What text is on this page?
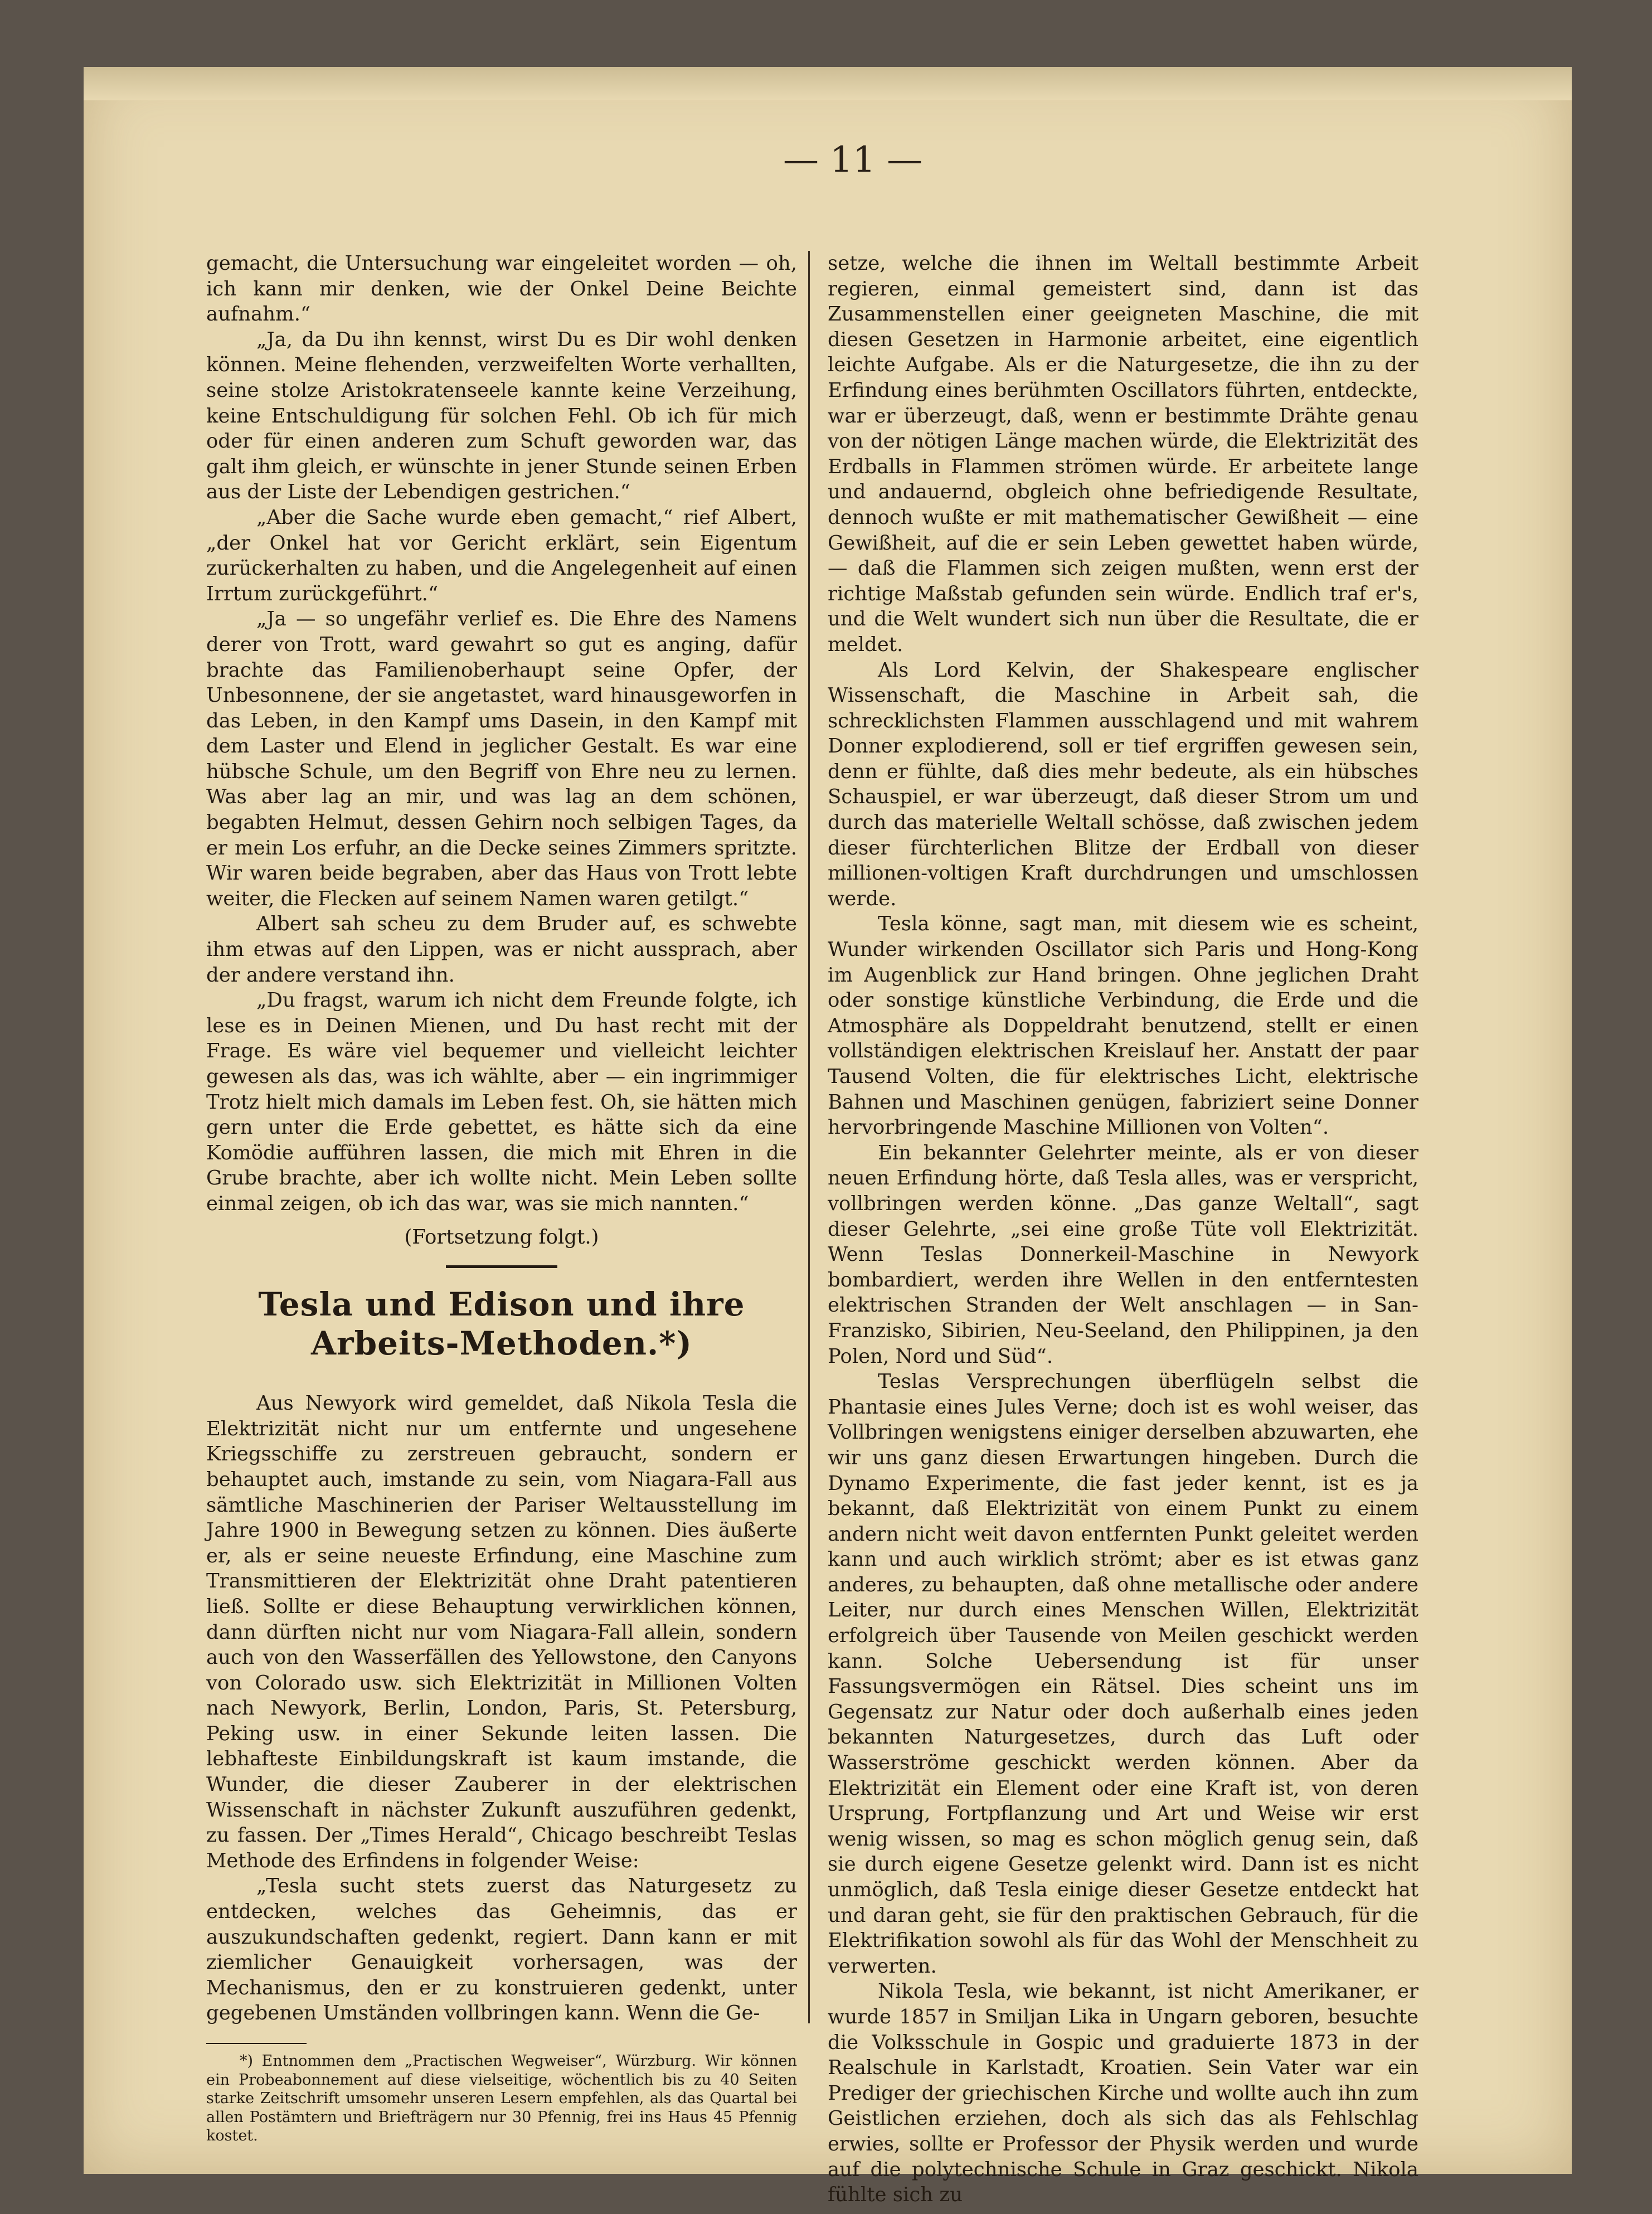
— 11 —

gemacht, die Untersuchung war eingeleitet worden — oh, ich kann mir denken, wie der Onkel Deine Beichte aufnahm.“

„Ja, da Du ihn kennst, wirst Du es Dir wohl denken können. Meine flehenden, verzweifelten Worte verhallten, seine stolze Aristokratenseele kannte keine Verzeihung, keine Entschuldigung für solchen Fehl. Ob ich für mich oder für einen anderen zum Schuft geworden war, das galt ihm gleich, er wünschte in jener Stunde seinen Erben aus der Liste der Lebendigen gestrichen.“

„Aber die Sache wurde eben gemacht,“ rief Albert, „der Onkel hat vor Gericht erklärt, sein Eigentum zurückerhalten zu haben, und die Angelegenheit auf einen Irrtum zurückgeführt.“

„Ja — so ungefähr verlief es. Die Ehre des Namens derer von Trott, ward gewahrt so gut es anging, dafür brachte das Familienoberhaupt seine Opfer, der Unbesonnene, der sie angetastet, ward hinausgeworfen in das Leben, in den Kampf ums Dasein, in den Kampf mit dem Laster und Elend in jeglicher Gestalt. Es war eine hübsche Schule, um den Begriff von Ehre neu zu lernen. Was aber lag an mir, und was lag an dem schönen, begabten Helmut, dessen Gehirn noch selbigen Tages, da er mein Los erfuhr, an die Decke seines Zimmers spritzte. Wir waren beide begraben, aber das Haus von Trott lebte weiter, die Flecken auf seinem Namen waren getilgt.“

Albert sah scheu zu dem Bruder auf, es schwebte ihm etwas auf den Lippen, was er nicht aussprach, aber der andere verstand ihn.

„Du fragst, warum ich nicht dem Freunde folgte, ich lese es in Deinen Mienen, und Du hast recht mit der Frage. Es wäre viel bequemer und vielleicht leichter gewesen als das, was ich wählte, aber — ein ingrimmiger Trotz hielt mich damals im Leben fest. Oh, sie hätten mich gern unter die Erde gebettet, es hätte sich da eine Komödie aufführen lassen, die mich mit Ehren in die Grube brachte, aber ich wollte nicht. Mein Leben sollte einmal zeigen, ob ich das war, was sie mich nannten.“

(Fortsetzung folgt.)

Tesla und Edison und ihre Arbeits-Methoden.*)

Aus Newyork wird gemeldet, daß Nikola Tesla die Elektrizität nicht nur um entfernte und ungesehene Kriegsschiffe zu zerstreuen gebraucht, sondern er behauptet auch, imstande zu sein, vom Niagara-Fall aus sämtliche Maschinerien der Pariser Weltausstellung im Jahre 1900 in Bewegung setzen zu können. Dies äußerte er, als er seine neueste Erfindung, eine Maschine zum Transmittieren der Elektrizität ohne Draht patentieren ließ. Sollte er diese Behauptung verwirklichen können, dann dürften nicht nur vom Niagara-Fall allein, sondern auch von den Wasserfällen des Yellowstone, den Canyons von Colorado usw. sich Elektrizität in Millionen Volten nach Newyork, Berlin, London, Paris, St. Petersburg, Peking usw. in einer Sekunde leiten lassen. Die lebhafteste Einbildungskraft ist kaum imstande, die Wunder, die dieser Zauberer in der elektrischen Wissenschaft in nächster Zukunft auszuführen gedenkt, zu fassen. Der „Times Herald“, Chicago beschreibt Teslas Methode des Erfindens in folgender Weise:

„Tesla sucht stets zuerst das Naturgesetz zu entdecken, welches das Geheimnis, das er auszukundschaften gedenkt, regiert. Dann kann er mit ziemlicher Genauigkeit vorhersagen, was der Mechanismus, den er zu konstruieren gedenkt, unter gegebenen Umständen vollbringen kann. Wenn die Ge-

*) Entnommen dem „Practischen Wegweiser“, Würzburg. Wir können ein Probeabonnement auf diese vielseitige, wöchentlich bis zu 40 Seiten starke Zeitschrift umsomehr unseren Lesern empfehlen, als das Quartal bei allen Postämtern und Briefträgern nur 30 Pfennig, frei ins Haus 45 Pfennig kostet.

setze, welche die ihnen im Weltall bestimmte Arbeit regieren, einmal gemeistert sind, dann ist das Zusammenstellen einer geeigneten Maschine, die mit diesen Gesetzen in Harmonie arbeitet, eine eigentlich leichte Aufgabe. Als er die Naturgesetze, die ihn zu der Erfindung eines berühmten Oscillators führten, entdeckte, war er überzeugt, daß, wenn er bestimmte Drähte genau von der nötigen Länge machen würde, die Elektrizität des Erdballs in Flammen strömen würde. Er arbeitete lange und andauernd, obgleich ohne befriedigende Resultate, dennoch wußte er mit mathematischer Gewißheit — eine Gewißheit, auf die er sein Leben gewettet haben würde, — daß die Flammen sich zeigen mußten, wenn erst der richtige Maßstab gefunden sein würde. Endlich traf er's, und die Welt wundert sich nun über die Resultate, die er meldet.

Als Lord Kelvin, der Shakespeare englischer Wissenschaft, die Maschine in Arbeit sah, die schrecklichsten Flammen ausschlagend und mit wahrem Donner explodierend, soll er tief ergriffen gewesen sein, denn er fühlte, daß dies mehr bedeute, als ein hübsches Schauspiel, er war überzeugt, daß dieser Strom um und durch das materielle Weltall schösse, daß zwischen jedem dieser fürchterlichen Blitze der Erdball von dieser millionen-voltigen Kraft durchdrungen und umschlossen werde.

Tesla könne, sagt man, mit diesem wie es scheint, Wunder wirkenden Oscillator sich Paris und Hong-Kong im Augenblick zur Hand bringen. Ohne jeglichen Draht oder sonstige künstliche Verbindung, die Erde und die Atmosphäre als Doppeldraht benutzend, stellt er einen vollständigen elektrischen Kreislauf her. Anstatt der paar Tausend Volten, die für elektrisches Licht, elektrische Bahnen und Maschinen genügen, fabriziert seine Donner hervorbringende Maschine Millionen von Volten“.

Ein bekannter Gelehrter meinte, als er von dieser neuen Erfindung hörte, daß Tesla alles, was er verspricht, vollbringen werden könne. „Das ganze Weltall“, sagt dieser Gelehrte, „sei eine große Tüte voll Elektrizität. Wenn Teslas Donnerkeil-Maschine in Newyork bombardiert, werden ihre Wellen in den entferntesten elektrischen Stranden der Welt anschlagen — in San-Franzisko, Sibirien, Neu-Seeland, den Philippinen, ja den Polen, Nord und Süd“.

Teslas Versprechungen überflügeln selbst die Phantasie eines Jules Verne; doch ist es wohl weiser, das Vollbringen wenigstens einiger derselben abzuwarten, ehe wir uns ganz diesen Erwartungen hingeben. Durch die Dynamo Experimente, die fast jeder kennt, ist es ja bekannt, daß Elektrizität von einem Punkt zu einem andern nicht weit davon entfernten Punkt geleitet werden kann und auch wirklich strömt; aber es ist etwas ganz anderes, zu behaupten, daß ohne metallische oder andere Leiter, nur durch eines Menschen Willen, Elektrizität erfolgreich über Tausende von Meilen geschickt werden kann. Solche Uebersendung ist für unser Fassungsvermögen ein Rätsel. Dies scheint uns im Gegensatz zur Natur oder doch außerhalb eines jeden bekannten Naturgesetzes, durch das Luft oder Wasserströme geschickt werden können. Aber da Elektrizität ein Element oder eine Kraft ist, von deren Ursprung, Fortpflanzung und Art und Weise wir erst wenig wissen, so mag es schon möglich genug sein, daß sie durch eigene Gesetze gelenkt wird. Dann ist es nicht unmöglich, daß Tesla einige dieser Gesetze entdeckt hat und daran geht, sie für den praktischen Gebrauch, für die Elektrifikation sowohl als für das Wohl der Menschheit zu verwerten.

Nikola Tesla, wie bekannt, ist nicht Amerikaner, er wurde 1857 in Smiljan Lika in Ungarn geboren, besuchte die Volksschule in Gospic und graduierte 1873 in der Realschule in Karlstadt, Kroatien. Sein Vater war ein Prediger der griechischen Kirche und wollte auch ihn zum Geistlichen erziehen, doch als sich das als Fehlschlag erwies, sollte er Professor der Physik werden und wurde auf die polytechnische Schule in Graz geschickt. Nikola fühlte sich zu
